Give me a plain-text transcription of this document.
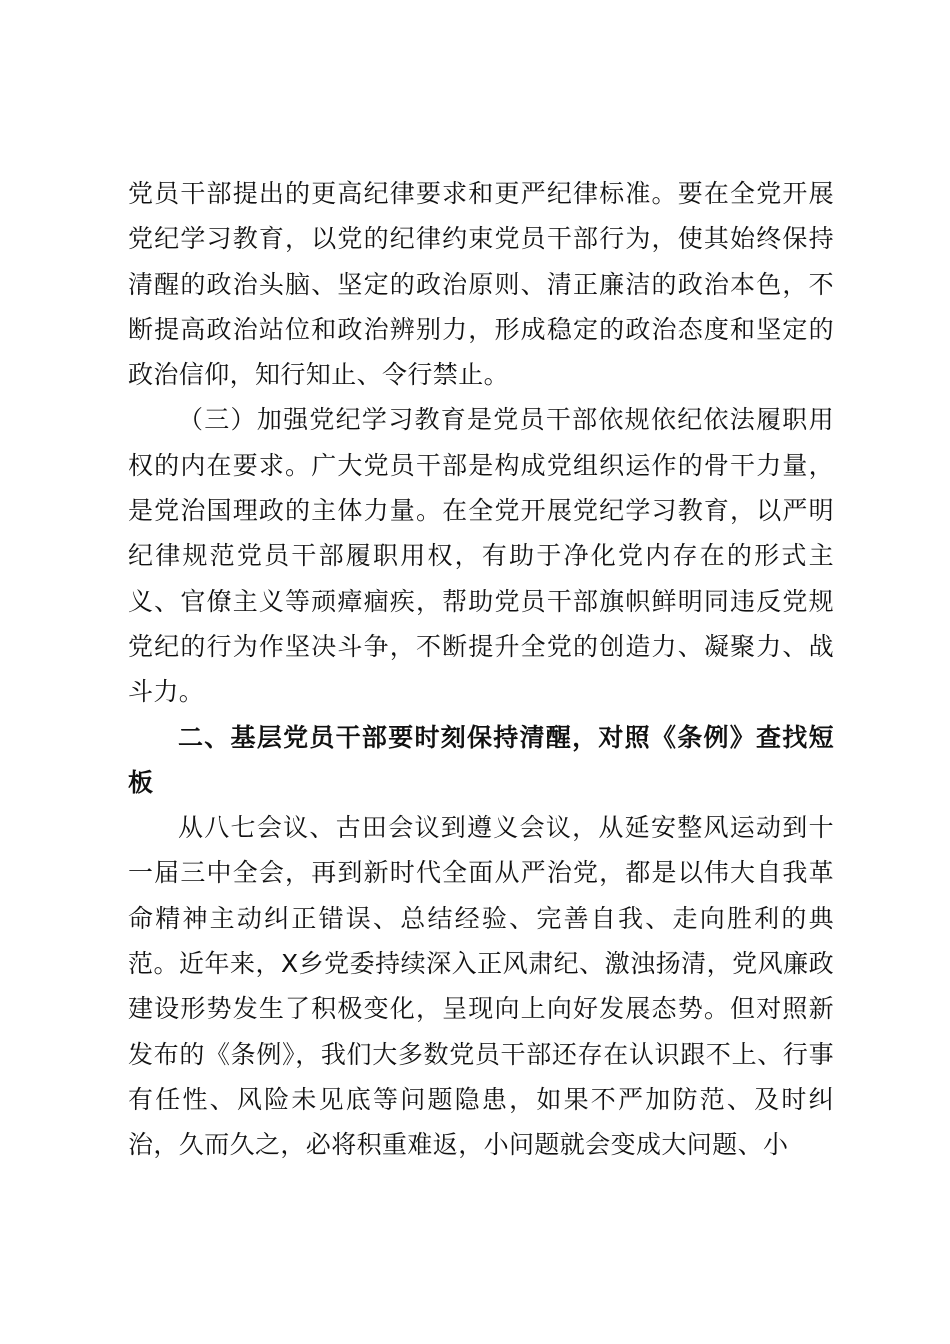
党员干部提出的更高纪律要求和更严纪律标准。要在全党开展党纪学习教育，以党的纪律约束党员干部行为，使其始终保持清醒的政治头脑、坚定的政治原则、清正廉洁的政治本色，不断提高政治站位和政治辨别力，形成稳定的政治态度和坚定的政治信仰，知行知止、令行禁止。

（三）加强党纪学习教育是党员干部依规依纪依法履职用权的内在要求。广大党员干部是构成党组织运作的骨干力量，是党治国理政的主体力量。在全党开展党纪学习教育，以严明纪律规范党员干部履职用权，有助于净化党内存在的形式主义、官僚主义等顽瘴痼疾，帮助党员干部旗帜鲜明同违反党规党纪的行为作坚决斗争，不断提升全党的创造力、凝聚力、战斗力。

二、基层党员干部要时刻保持清醒，对照《条例》查找短板

从八七会议、古田会议到遵义会议，从延安整风运动到十一届三中全会，再到新时代全面从严治党，都是以伟大自我革命精神主动纠正错误、总结经验、完善自我、走向胜利的典范。近年来，X乡党委持续深入正风肃纪、激浊扬清，党风廉政建设形势发生了积极变化，呈现向上向好发展态势。但对照新发布的《条例》，我们大多数党员干部还存在认识跟不上、行事有任性、风险未见底等问题隐患，如果不严加防范、及时纠治，久而久之，必将积重难返，小问题就会变成大问题、小
